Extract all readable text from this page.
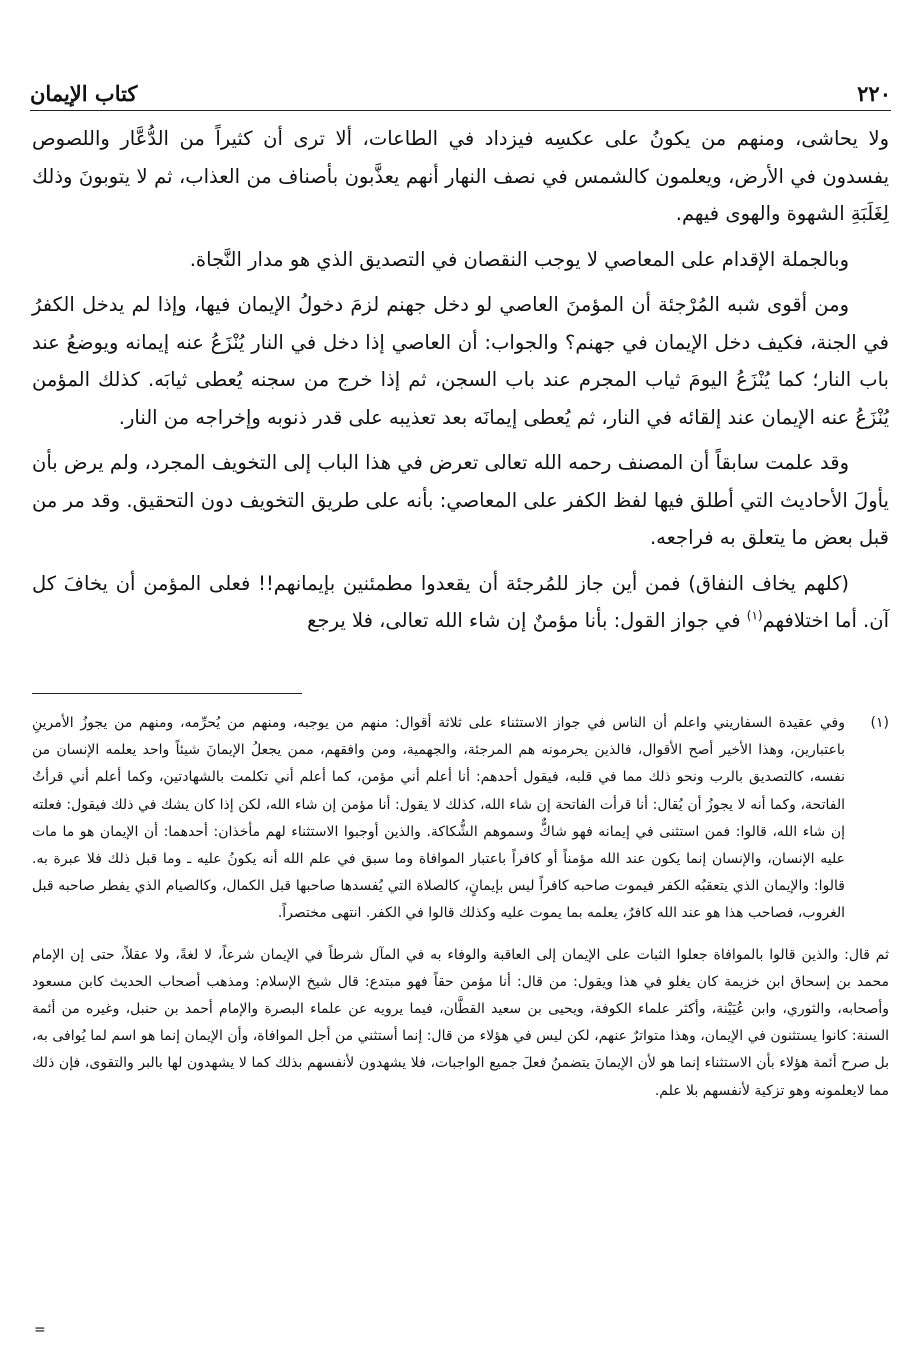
٢٢٠
كتاب الإيمان

ولا يحاشى، ومنهم من يكونُ على عكسِه فيزداد في الطاعات، ألا ترى أن كثيراً من الدُّعَّار واللصوص يفسدون في الأرض، ويعلمون كالشمس في نصف النهار أنهم يعذَّبون بأصناف من العذاب، ثم لا يتوبونَ وذلك لِغَلَبَةِ الشهوة والهوى فيهم.

وبالجملة الإقدام على المعاصي لا يوجب النقصان في التصديق الذي هو مدار النَّجاة.

ومن أقوى شبه المُرْجئة أن المؤمنَ العاصي لو دخل جهنم لزمَ دخولُ الإيمان فيها، وإذا لم يدخل الكفرُ في الجنة، فكيف دخل الإيمان في جهنم؟ والجواب: أن العاصي إذا دخل في النار يُنْزَعُ عنه إيمانه ويوضعُ عند باب النار؛ كما يُنْزَعُ اليومَ ثياب المجرم عند باب السجن، ثم إذا خرج من سجنه يُعطى ثيابَه. كذلك المؤمن يُنْزَعُ عنه الإيمان عند إلقائه في النار، ثم يُعطى إيمانَه بعد تعذيبه على قدر ذنوبه وإخراجه من النار.

وقد علمت سابقاً أن المصنف رحمه الله تعالى تعرض في هذا الباب إلى التخويف المجرد، ولم يرض بأن يأولَ الأحاديث التي أطلق فيها لفظ الكفر على المعاصي: بأنه على طريق التخويف دون التحقيق. وقد مر من قبل بعض ما يتعلق به فراجعه.

(كلهم يخاف النفاق) فمن أين جاز للمُرجئة أن يقعدوا مطمئنين بإيمانهم!! فعلى المؤمن أن يخافَ كل آن. أما اختلافهم$^{(١)}$ في جواز القول: بأنا مؤمنٌ إن شاء الله تعالى، فلا يرجع

(١)

وفي عقيدة السفاريني واعلم أن الناس في جواز الاستثناء على ثلاثة أقوال: منهم من يوجبه، ومنهم من يُحرِّمه، ومنهم من يجوزُ الأمرينِ باعتبارين، وهذا الأخير أصح الأقوال، فالذين يحرمونه هم المرجئة، والجهمية، ومن وافقهم، ممن يجعلُ الإيمانَ شيئاً واحد يعلمه الإنسان من نفسه، كالتصديق بالرب ونحو ذلك مما في قلبه، فيقول أحدهم: أنا أعلم أني مؤمن، كما أعلم أني تكلمت بالشهادتين، وكما أعلم أني قرأتُ الفاتحة، وكما أنه لا يجوزُ أن يُقال: أنا قرأت الفاتحة إن شاء الله، كذلك لا يقول: أنا مؤمن إن شاء الله، لكن إذا كان يشك في ذلك فيقول: فعلته إن شاء الله، قالوا: فمن استثنى في إيمانه فهو شاكٌّ وسموهم الشُّكاكة. والذين أوجبوا الاستثناء لهم مأخذان: أحدهما: أن الإيمان هو ما مات عليه الإنسان، والإنسان إنما يكون عند الله مؤمناً أو كافراً باعتبار الموافاة وما سبق في علم الله أنه يكونُ عليه ـ وما قبل ذلك فلا عبرة به. قالوا: والإيمان الذي يتعقبُه الكفر فيموت صاحبه كافراً ليس بإيمانٍ، كالصلاة التي يُفسدها صاحبها قبل الكمال، وكالصيام الذي يفطر صاحبه قبل الغروب، فصاحب هذا هو عند الله كافرٌ، يعلمه بما يموت عليه وكذلك قالوا في الكفر. انتهى مختصراً.

ثم قال: والذين قالوا بالموافاة جعلوا الثبات على الإيمان إلى العاقبة والوفاء به في المآل شرطاً في الإيمان شرعاً، لا لغةً، ولا عقلاً، حتى إن الإمام محمد بن إسحاق ابن خزيمة كان يغلو في هذا ويقول: من قال: أنا مؤمن حقاً فهو مبتدع: قال شيخ الإسلام: ومذهب أصحاب الحديث كابن مسعود وأصحابه، والثوري، وابن عُيَيْنة، وأكثر علماء الكوفة، ويحيى بن سعيد القطَّان، فيما يرويه عن علماء البصرة والإمام أحمد بن حنبل، وغيره من أئمة السنة: كانوا يستثنون في الإيمان، وهذا متواترٌ عنهم، لكن ليس في هؤلاء من قال: إنما أستثني من أجل الموافاة، وأن الإيمان إنما هو اسم لما يُوافى به، بل صرح أئمة هؤلاء بأن الاستثناء إنما هو لأن الإيمانَ يتضمنُ فعلَ جميع الواجبات، فلا يشهدون لأنفسهم بذلك كما لا يشهدون لها بالبر والتقوى، فإن ذلك مما لايعلمونه وهو تزكية لأنفسهم بلا علم.

=
